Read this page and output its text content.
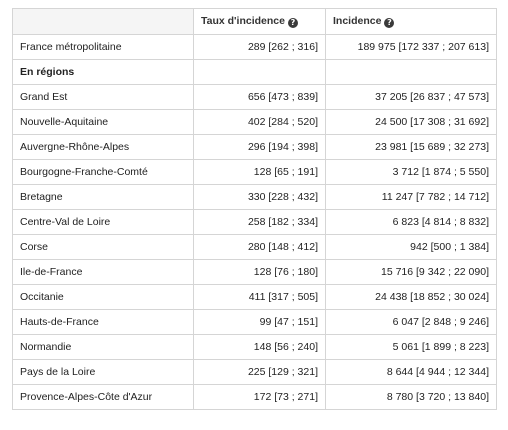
	Taux d'incidence ?	Incidence ?
France métropolitaine	289 [262 ; 316]	189 975 [172 337 ; 207 613]
En régions		
Grand Est	656 [473 ; 839]	37 205 [26 837 ; 47 573]
Nouvelle-Aquitaine	402 [284 ; 520]	24 500 [17 308 ; 31 692]
Auvergne-Rhône-Alpes	296 [194 ; 398]	23 981 [15 689 ; 32 273]
Bourgogne-Franche-Comté	128 [65 ; 191]	3 712 [1 874 ; 5 550]
Bretagne	330 [228 ; 432]	11 247 [7 782 ; 14 712]
Centre-Val de Loire	258 [182 ; 334]	6 823 [4 814 ; 8 832]
Corse	280 [148 ; 412]	942 [500 ; 1 384]
Ile-de-France	128 [76 ; 180]	15 716 [9 342 ; 22 090]
Occitanie	411 [317 ; 505]	24 438 [18 852 ; 30 024]
Hauts-de-France	99 [47 ; 151]	6 047 [2 848 ; 9 246]
Normandie	148 [56 ; 240]	5 061 [1 899 ; 8 223]
Pays de la Loire	225 [129 ; 321]	8 644 [4 944 ; 12 344]
Provence-Alpes-Côte d'Azur	172 [73 ; 271]	8 780 [3 720 ; 13 840]
